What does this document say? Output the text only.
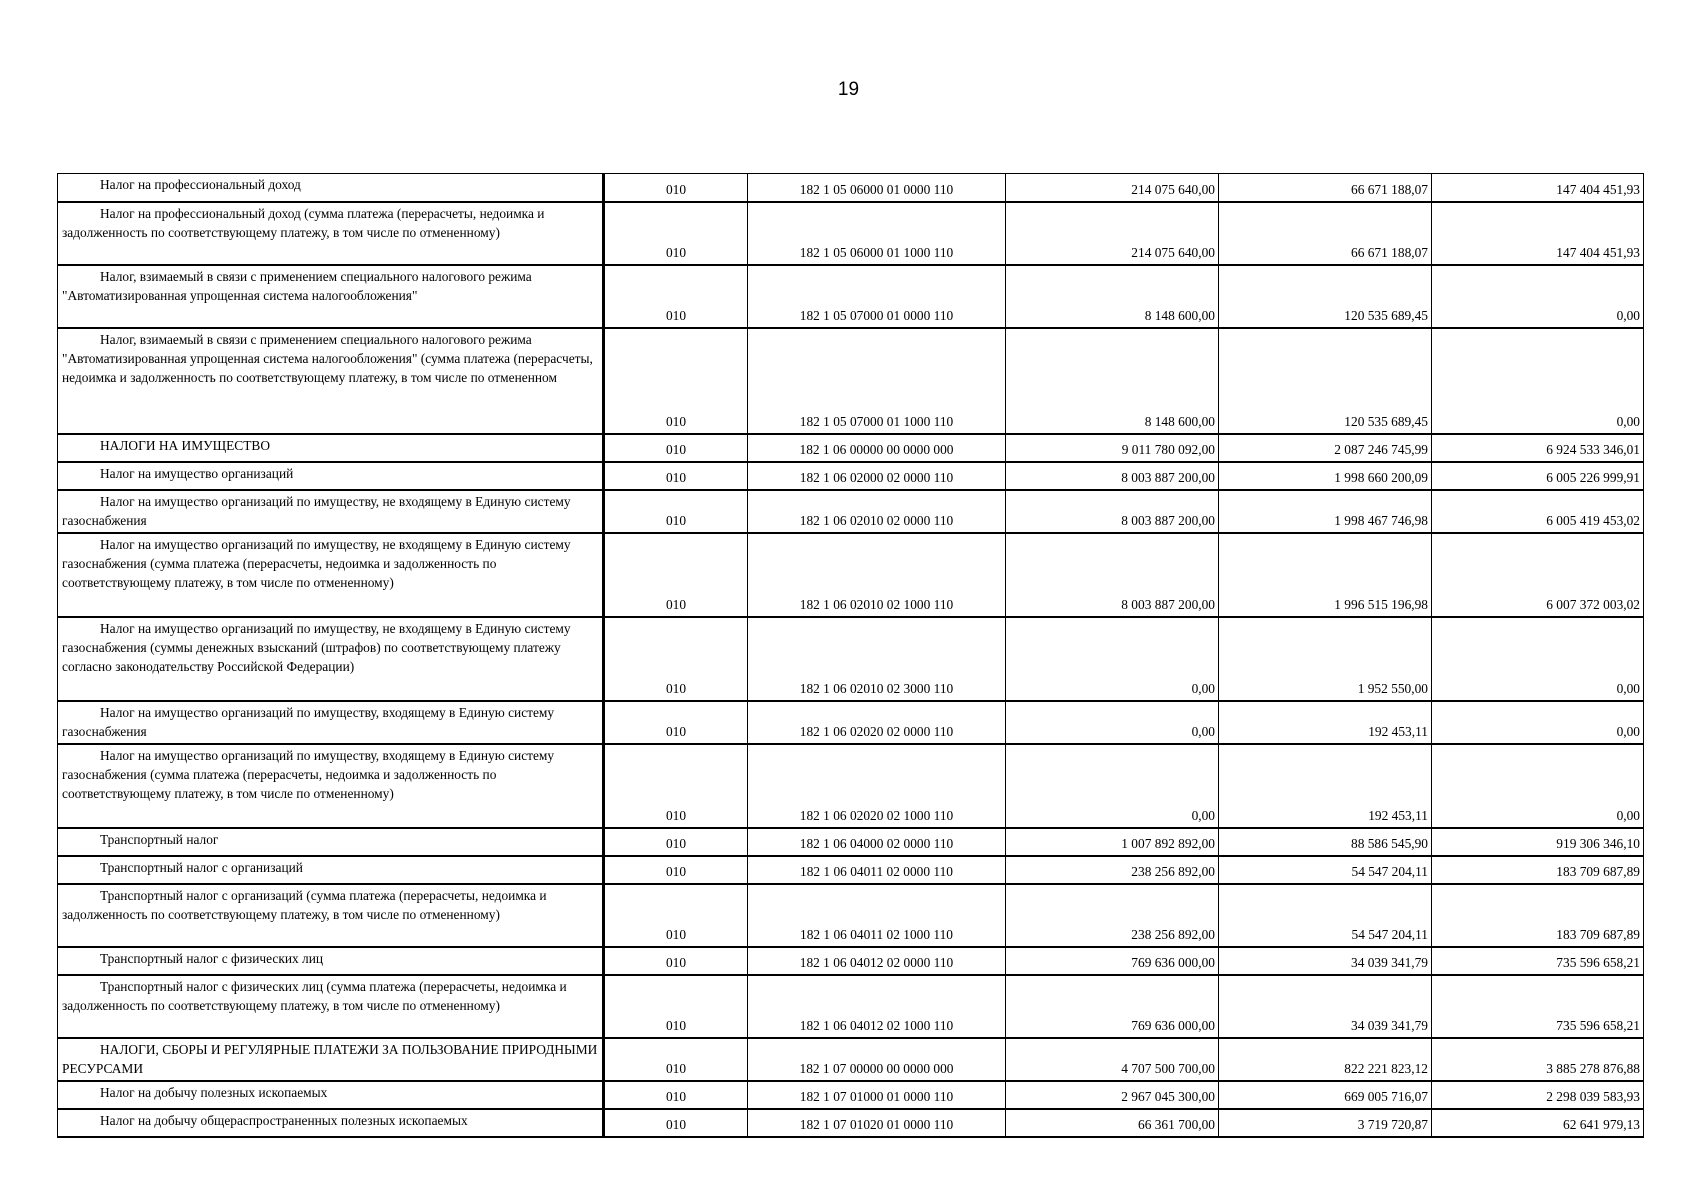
19
Налог на профессиональный доход	010	182 1 05 06000 01 0000 110	214 075 640,00	66 671 188,07	147 404 451,93
Налог на профессиональный доход (сумма платежа (перерасчеты, недоимка и задолженность по соответствующему платежу, в том числе по отмененному)	010	182 1 05 06000 01 1000 110	214 075 640,00	66 671 188,07	147 404 451,93
Налог, взимаемый в связи с применением специального налогового режима "Автоматизированная упрощенная система налогообложения"	010	182 1 05 07000 01 0000 110	8 148 600,00	120 535 689,45	0,00
Налог, взимаемый в связи с применением специального налогового режима "Автоматизированная упрощенная система налогообложения" (сумма платежа (перерасчеты, недоимка и задолженность по соответствующему платежу, в том числе по отмененном	010	182 1 05 07000 01 1000 110	8 148 600,00	120 535 689,45	0,00
НАЛОГИ НА ИМУЩЕСТВО	010	182 1 06 00000 00 0000 000	9 011 780 092,00	2 087 246 745,99	6 924 533 346,01
Налог на имущество организаций	010	182 1 06 02000 02 0000 110	8 003 887 200,00	1 998 660 200,09	6 005 226 999,91
Налог на имущество организаций по имуществу, не входящему в Единую систему газоснабжения	010	182 1 06 02010 02 0000 110	8 003 887 200,00	1 998 467 746,98	6 005 419 453,02
Налог на имущество организаций по имуществу, не входящему в Единую систему газоснабжения (сумма платежа (перерасчеты, недоимка и задолженность по соответствующему платежу, в том числе по отмененному)	010	182 1 06 02010 02 1000 110	8 003 887 200,00	1 996 515 196,98	6 007 372 003,02
Налог на имущество организаций по имуществу, не входящему в Единую систему газоснабжения (суммы денежных взысканий (штрафов) по соответствующему платежу согласно законодательству Российской Федерации)	010	182 1 06 02010 02 3000 110	0,00	1 952 550,00	0,00
Налог на имущество организаций по имуществу, входящему в Единую систему газоснабжения	010	182 1 06 02020 02 0000 110	0,00	192 453,11	0,00
Налог на имущество организаций по имуществу, входящему в Единую систему газоснабжения (сумма платежа (перерасчеты, недоимка и задолженность по соответствующему платежу, в том числе по отмененному)	010	182 1 06 02020 02 1000 110	0,00	192 453,11	0,00
Транспортный налог	010	182 1 06 04000 02 0000 110	1 007 892 892,00	88 586 545,90	919 306 346,10
Транспортный налог с организаций	010	182 1 06 04011 02 0000 110	238 256 892,00	54 547 204,11	183 709 687,89
Транспортный налог с организаций (сумма платежа (перерасчеты, недоимка и задолженность по соответствующему платежу, в том числе по отмененному)	010	182 1 06 04011 02 1000 110	238 256 892,00	54 547 204,11	183 709 687,89
Транспортный налог с физических лиц	010	182 1 06 04012 02 0000 110	769 636 000,00	34 039 341,79	735 596 658,21
Транспортный налог с физических лиц (сумма платежа (перерасчеты, недоимка и задолженность по соответствующему платежу, в том числе по отмененному)	010	182 1 06 04012 02 1000 110	769 636 000,00	34 039 341,79	735 596 658,21
НАЛОГИ, СБОРЫ И РЕГУЛЯРНЫЕ ПЛАТЕЖИ ЗА ПОЛЬЗОВАНИЕ ПРИРОДНЫМИ РЕСУРСАМИ	010	182 1 07 00000 00 0000 000	4 707 500 700,00	822 221 823,12	3 885 278 876,88
Налог на добычу полезных ископаемых	010	182 1 07 01000 01 0000 110	2 967 045 300,00	669 005 716,07	2 298 039 583,93
Налог на добычу общераспространенных полезных ископаемых	010	182 1 07 01020 01 0000 110	66 361 700,00	3 719 720,87	62 641 979,13
